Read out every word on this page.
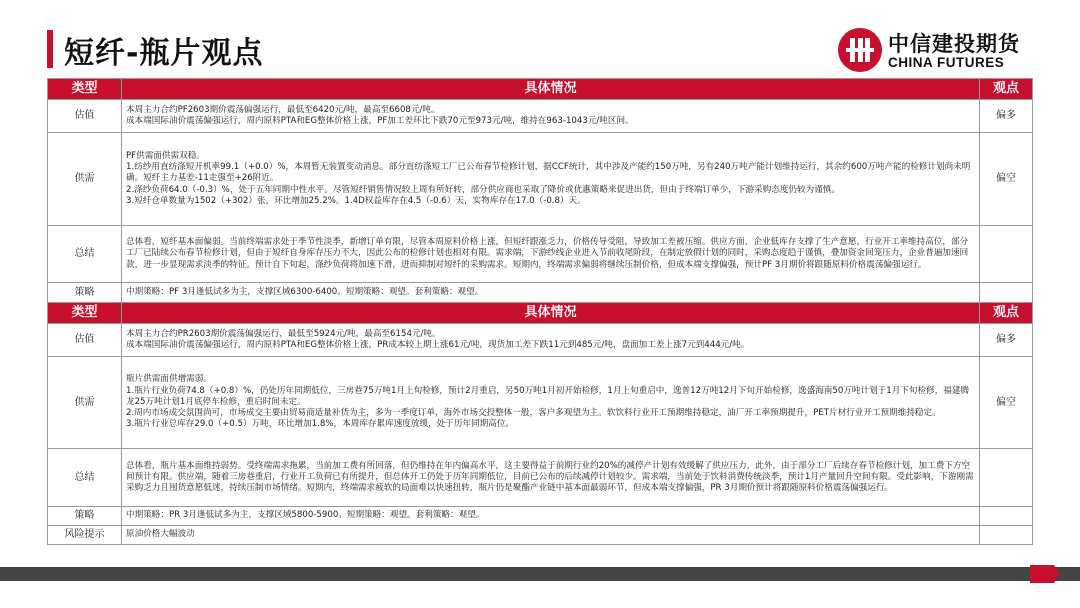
短纤-瓶片观点	中信建投期货
CHINA FUTURES
类型	具体情况	观点
估值	本周主力合约PF2603期价震荡偏强运行，最低至6420元/吨，最高至6608元/吨。
成本端国际油价震荡偏强运行，周内原料PTA和EG整体价格上涨，PF加工差环比下跌70元至973元/吨，维持在963-1043元/吨区间。	偏多
供需	PF供需面供需双稳。
1.纺纱用直纺涤短开机率99.1（+0.0）%，本周暂无装置变动消息。部分直纺涤短工厂已公布春节检修计划，据CCF统计，其中涉及产能约150万吨，另有240万吨产能计划维持运行，其余约600万吨产能的检修计划尚未明确。短纤主力基差-11走强至+26附近。
2.涤纱负荷64.0（-0.3）%，处于五年同期中性水平。尽管短纤销售情况较上周有所好转，部分供应商也采取了降价或优惠策略来促进出货，但由于终端订单少，下游采购态度仍较为谨慎。
3.短纤仓单数量为1502（+302）张，环比增加25.2%。1.4D权益库存在4.5（-0.6）天，实物库存在17.0（-0.8）天。	偏空
总结	总体看，短纤基本面偏弱。当前终端需求处于季节性淡季，新增订单有限，尽管本周原料价格上涨，但短纤跟涨乏力，价格传导受阻，导致加工差被压缩。供应方面，企业低库存支撑了生产意愿，行业开工率维持高位，部分工厂已陆续公布春节检修计划，但由于短纤自身库存压力不大，因此公布的检修计划也相对有限。需求端，下游纱线企业进入节前收尾阶段，在制定放假计划的同时，采购态度趋于谨慎，叠加资金回笼压力，企业普遍加速回款，进一步显现需求淡季的特征。预计自下旬起，涤纱负荷将加速下滑，进而抑制对短纤的采购需求。短期内，终端需求偏弱将继续压制价格，但成本端支撑偏强，预计PF 3月期价将跟随原料价格震荡偏强运行。	

策略	中期策略：PF 3月逢低试多为主，支撑区域6300-6400。短期策略：观望。套利策略：观望。	

类型	具体情况	观点
估值	本周主力合约PR2603期价震荡偏强运行，最低至5924元/吨，最高至6154元/吨。
成本端国际油价震荡偏强运行，周内原料PTA和EG整体价格上涨，PR成本较上期上涨61元/吨，现货加工差下跌11元到485元/吨，盘面加工差上涨7元到444元/吨。	偏多
供需	瓶片供需面供增需弱。
1.瓶片行业负荷74.8（+0.8）%，仍处历年同期低位，三房巷75万吨1月上旬检修，预计2月重启，另50万吨1月初开始检修，1月上旬重启中，逸普12万吨12月下旬开始检修，逸盛海南50万吨计划于1月下旬检修，福建腾龙25万吨计划1月底停车检修，重启时间未定。
2.周内市场成交氛围尚可，市场成交主要由贸易商适量补货为主，多为一季度订单，海外市场交投整体一般，客户多观望为主。软饮料行业开工预期维持稳定，油厂开工率预期提升，PET片材行业开工预期维持稳定。
3.瓶片行业总库存29.0（+0.5）万吨，环比增加1.8%，本周库存累库速度放缓，处于历年同期高位。	偏空
总结	总体看，瓶片基本面维持弱势。受终端需求拖累，当前加工费有所回落，但仍维持在年内偏高水平，这主要得益于前期行业约20%的减停产计划有效缓解了供应压力，此外，由于部分工厂后续存春节检修计划，加工费下方空间预计有限。供应端，随着三房巷重启，行业开工负荷已有所提升，但总体开工仍处于历年同期低位，目前已公布的后续减停计划较少。需求端，当前处于饮料消费传统淡季，预计1月产量回升空间有限。受此影响，下游刚需采购乏力且囤货意愿低迷，持续压制市场情绪。短期内，终端需求疲软的局面难以快速扭转，瓶片仍是聚酯产业链中基本面最弱环节，但成本端支撑偏强，PR 3月期价预计将跟随原料价格震荡偏强运行。	

策略	中期策略：PR 3月逢低试多为主，支撑区域5800-5900。短期策略：观望。套利策略：观望。	

风险提示	原油价格大幅波动	
